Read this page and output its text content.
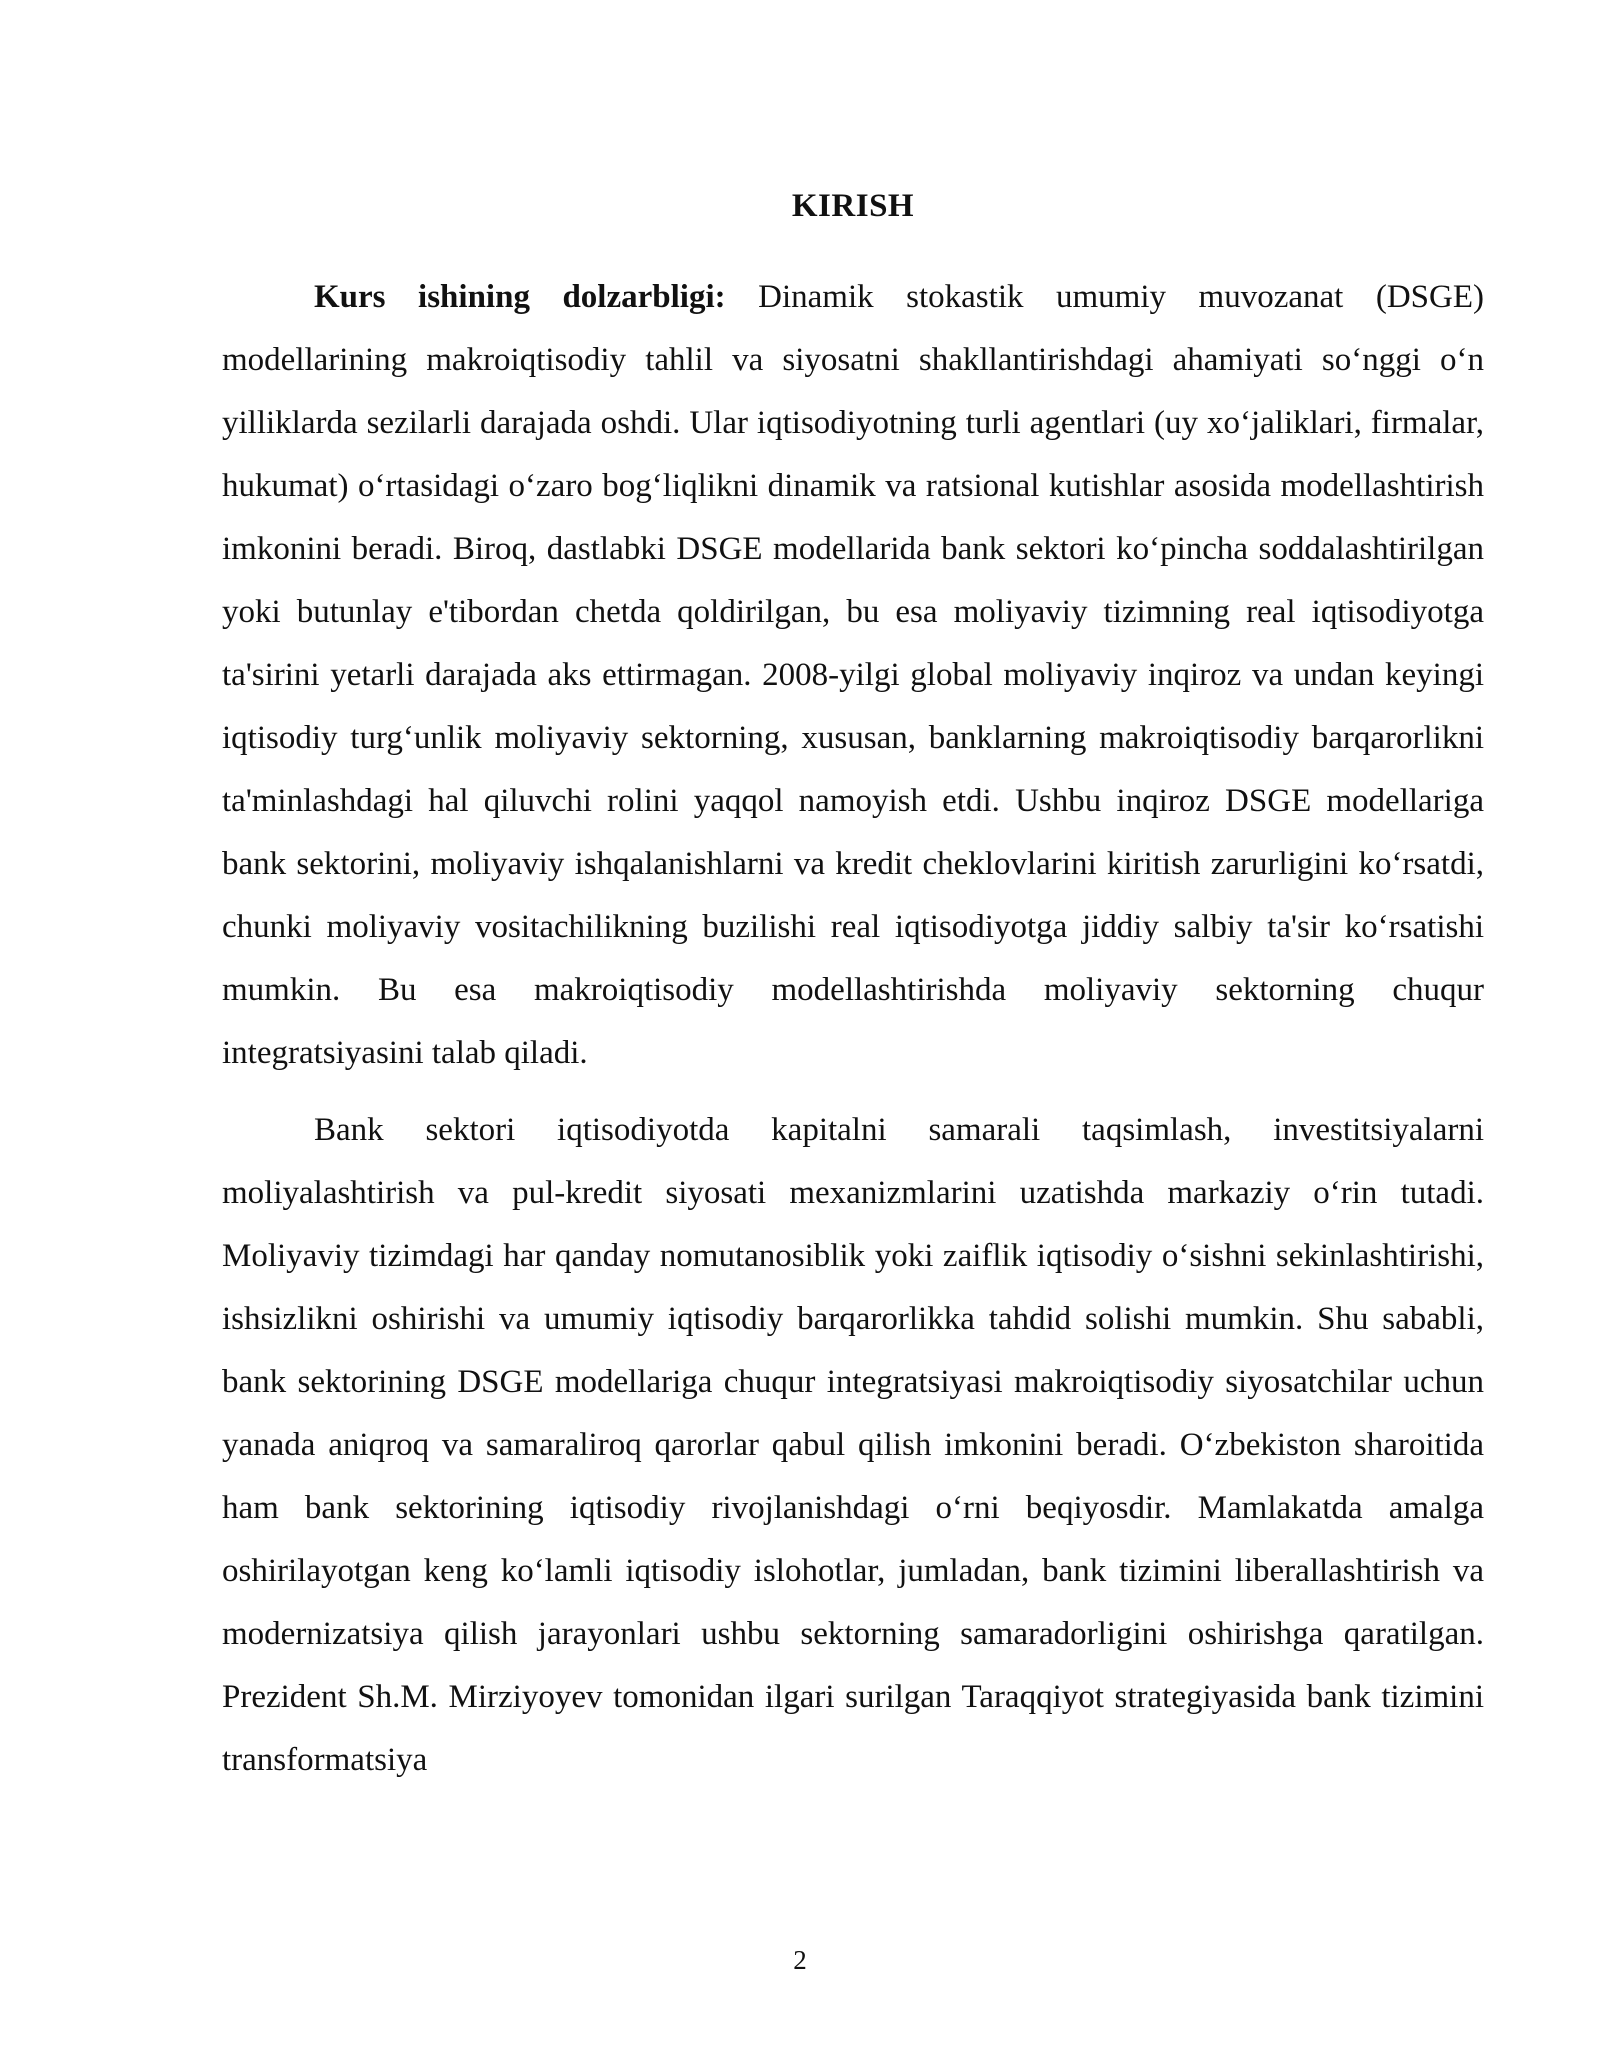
KIRISH

Kurs ishining dolzarbligi: Dinamik stokastik umumiy muvozanat (DSGE) modellarining makroiqtisodiy tahlil va siyosatni shakllantirishdagi ahamiyati so‘nggi o‘n yilliklarda sezilarli darajada oshdi. Ular iqtisodiyotning turli agentlari (uy xo‘jaliklari, firmalar, hukumat) o‘rtasidagi o‘zaro bog‘liqlikni dinamik va ratsional kutishlar asosida modellashtirish imkonini beradi. Biroq, dastlabki DSGE modellarida bank sektori ko‘pincha soddalashtirilgan yoki butunlay e'tibordan chetda qoldirilgan, bu esa moliyaviy tizimning real iqtisodiyotga ta'sirini yetarli darajada aks ettirmagan. 2008-yilgi global moliyaviy inqiroz va undan keyingi iqtisodiy turg‘unlik moliyaviy sektorning, xususan, banklarning makroiqtisodiy barqarorlikni ta'minlashdagi hal qiluvchi rolini yaqqol namoyish etdi. Ushbu inqiroz DSGE modellariga bank sektorini, moliyaviy ishqalanishlarni va kredit cheklovlarini kiritish zarurligini ko‘rsatdi, chunki moliyaviy vositachilikning buzilishi real iqtisodiyotga jiddiy salbiy ta'sir ko‘rsatishi mumkin. Bu esa makroiqtisodiy modellashtirishda moliyaviy sektorning chuqur integratsiyasini talab qiladi.

Bank sektori iqtisodiyotda kapitalni samarali taqsimlash, investitsiyalarni moliyalashtirish va pul-kredit siyosati mexanizmlarini uzatishda markaziy o‘rin tutadi. Moliyaviy tizimdagi har qanday nomutanosiblik yoki zaiflik iqtisodiy o‘sishni sekinlashtirishi, ishsizlikni oshirishi va umumiy iqtisodiy barqarorlikka tahdid solishi mumkin. Shu sababli, bank sektorining DSGE modellariga chuqur integratsiyasi makroiqtisodiy siyosatchilar uchun yanada aniqroq va samaraliroq qarorlar qabul qilish imkonini beradi. O‘zbekiston sharoitida ham bank sektorining iqtisodiy rivojlanishdagi o‘rni beqiyosdir. Mamlakatda amalga oshirilayotgan keng ko‘lamli iqtisodiy islohotlar, jumladan, bank tizimini liberallashtirish va modernizatsiya qilish jarayonlari ushbu sektorning samaradorligini oshirishga qaratilgan. Prezident Sh.M. Mirziyoyev tomonidan ilgari surilgan Taraqqiyot strategiyasida bank tizimini transformatsiya

2
